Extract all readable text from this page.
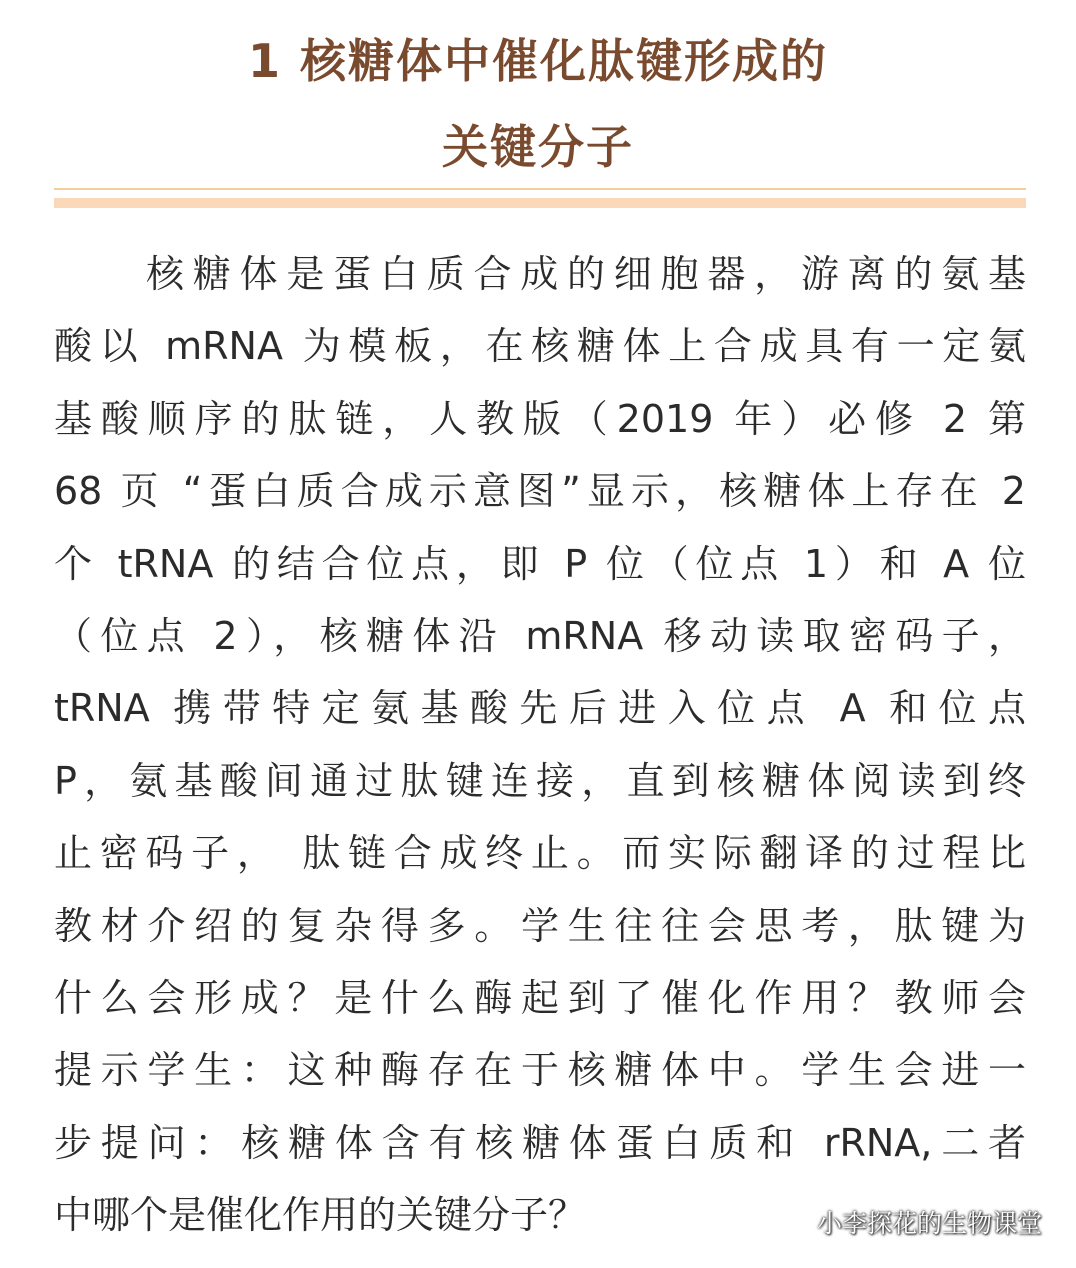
1 核糖体中催化肽键形成的
关键分子
核糖体是蛋白质合成的细胞器，游离的氨基
酸以 mRNA 为模板，在核糖体上合成具有一定氨
基酸顺序的肽链，人教版（2019 年）必修 2 第
68 页 “蛋白质合成示意图”显示，核糖体上存在 2
个 tRNA 的结合位点，即 P 位（位点 1）和 A 位
（位点 2），核糖体沿 mRNA 移动读取密码子，
tRNA 携带特定氨基酸先后进入位点 A 和位点
P，氨基酸间通过肽键连接，直到核糖体阅读到终
止密码子， 肽链合成终止。而实际翻译的过程比
教材介绍的复杂得多。学生往往会思考，肽键为
什么会形成？是什么酶起到了催化作用？教师会
提示学生：这种酶存在于核糖体中。学生会进一
步提问：核糖体含有核糖体蛋白质和 rRNA,二者
中哪个是催化作用的关键分子？	小李探花的生物课堂
